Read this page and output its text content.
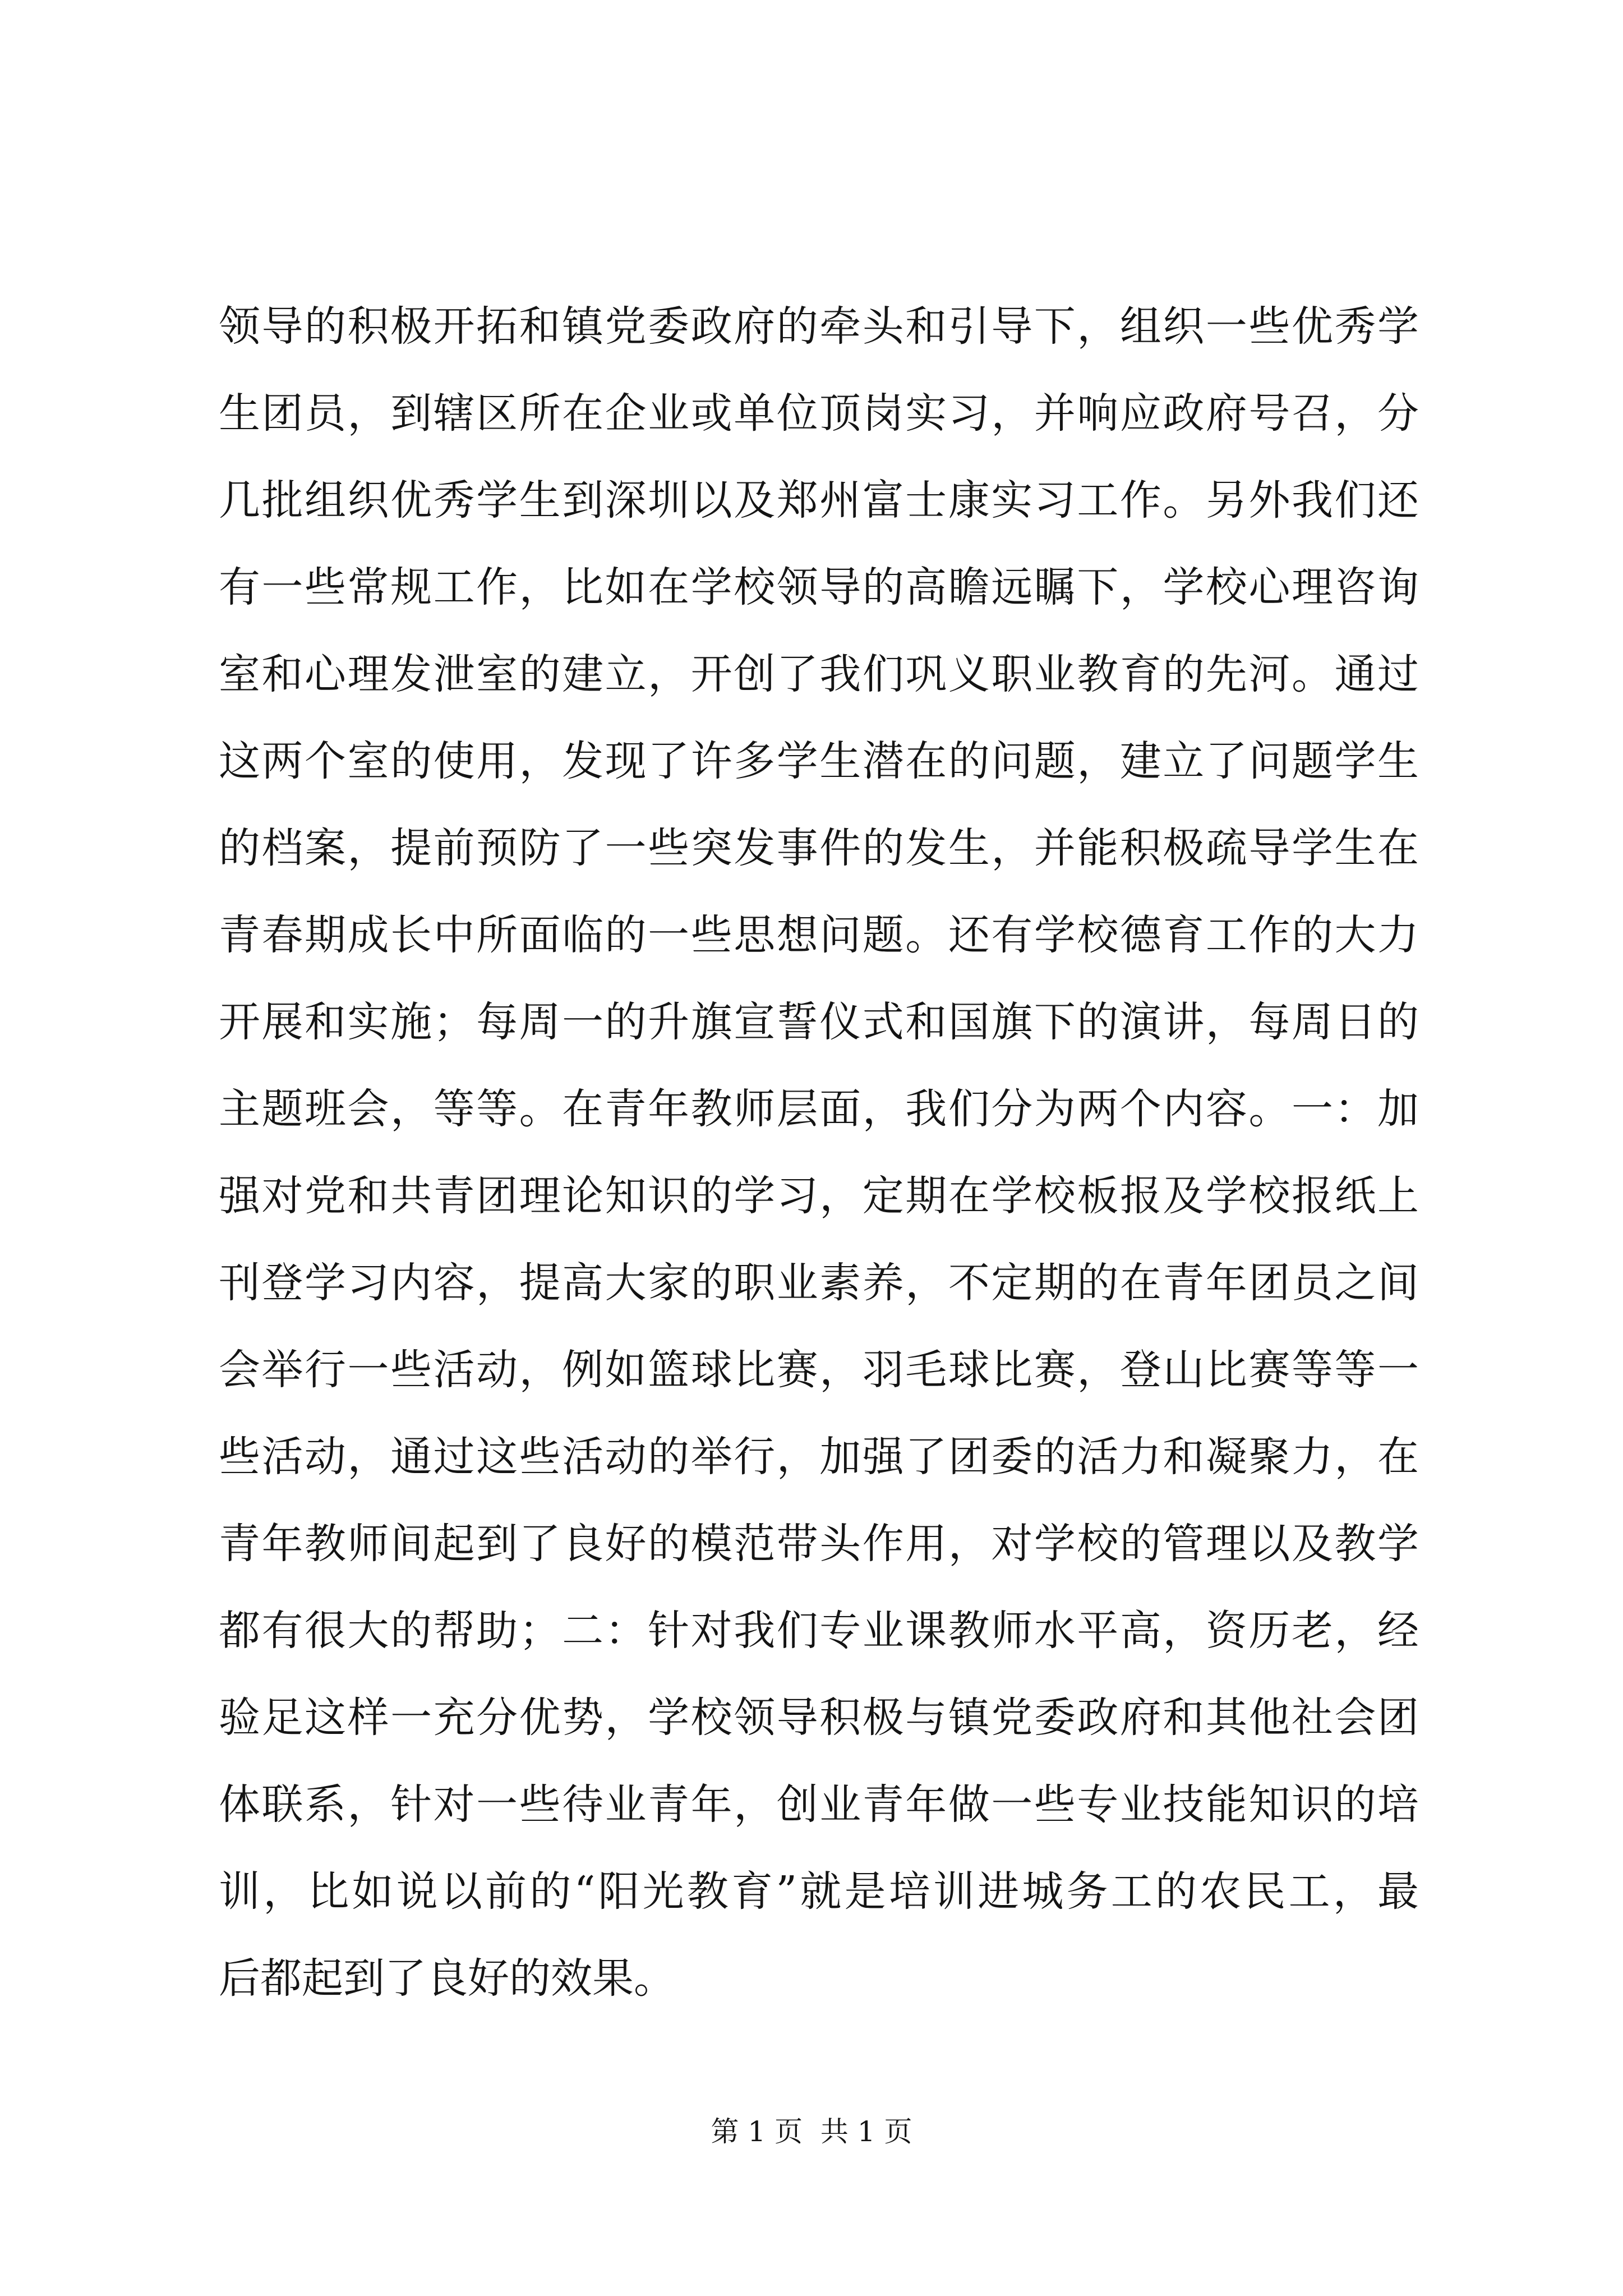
领导的积极开拓和镇党委政府的牵头和引导下，组织一些优秀学
生团员，到辖区所在企业或单位顶岗实习，并响应政府号召，分
几批组织优秀学生到深圳以及郑州富士康实习工作。另外我们还
有一些常规工作，比如在学校领导的高瞻远瞩下，学校心理咨询
室和心理发泄室的建立，开创了我们巩义职业教育的先河。通过
这两个室的使用，发现了许多学生潜在的问题，建立了问题学生
的档案，提前预防了一些突发事件的发生，并能积极疏导学生在
青春期成长中所面临的一些思想问题。还有学校德育工作的大力
开展和实施；每周一的升旗宣誓仪式和国旗下的演讲，每周日的
主题班会，等等。在青年教师层面，我们分为两个内容。一：加
强对党和共青团理论知识的学习，定期在学校板报及学校报纸上
刊登学习内容，提高大家的职业素养，不定期的在青年团员之间
会举行一些活动，例如篮球比赛，羽毛球比赛，登山比赛等等一
些活动，通过这些活动的举行，加强了团委的活力和凝聚力，在
青年教师间起到了良好的模范带头作用，对学校的管理以及教学
都有很大的帮助；二：针对我们专业课教师水平高，资历老，经
验足这样一充分优势，学校领导积极与镇党委政府和其他社会团
体联系，针对一些待业青年，创业青年做一些专业技能知识的培
训，比如说以前的“阳光教育”就是培训进城务工的农民工，最
后都起到了良好的效果。
第 1 页  共 1 页
